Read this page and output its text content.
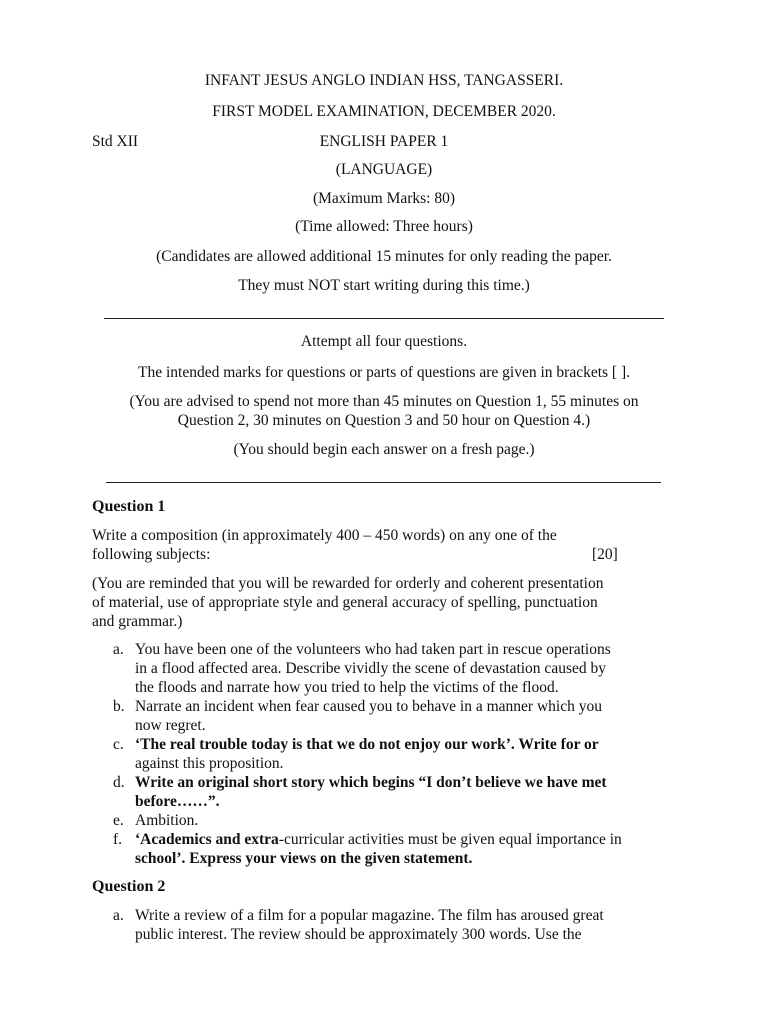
INFANT JESUS ANGLO INDIAN HSS, TANGASSERI.
FIRST MODEL EXAMINATION, DECEMBER 2020.
Std XII	ENGLISH PAPER 1
(LANGUAGE)
(Maximum Marks: 80)
(Time allowed: Three hours)
(Candidates are allowed additional 15 minutes for only reading the paper.
They must NOT start writing during this time.)
Attempt all four questions.
The intended marks for questions or parts of questions are given in brackets [ ].
(You are advised to spend not more than 45 minutes on Question 1, 55 minutes on
Question 2, 30 minutes on Question 3 and 50 hour on Question 4.)
(You should begin each answer on a fresh page.)
Question 1
Write a composition (in approximately 400 – 450 words) on any one of the
following subjects:	[20]
(You are reminded that you will be rewarded for orderly and coherent presentation
of material, use of appropriate style and general accuracy of spelling, punctuation
and grammar.)
a. You have been one of the volunteers who had taken part in rescue operations
in a flood affected area. Describe vividly the scene of devastation caused by
the floods and narrate how you tried to help the victims of the flood.
b. Narrate an incident when fear caused you to behave in a manner which you
now regret.
c. ‘The real trouble today is that we do not enjoy our work’. Write for or
against this proposition.
d. Write an original short story which begins “I don’t believe we have met
before……”.
e. Ambition.
f. ‘Academics and extra-curricular activities must be given equal importance in
school’. Express your views on the given statement.
Question 2
a. Write a review of a film for a popular magazine. The film has aroused great
public interest. The review should be approximately 300 words. Use the
